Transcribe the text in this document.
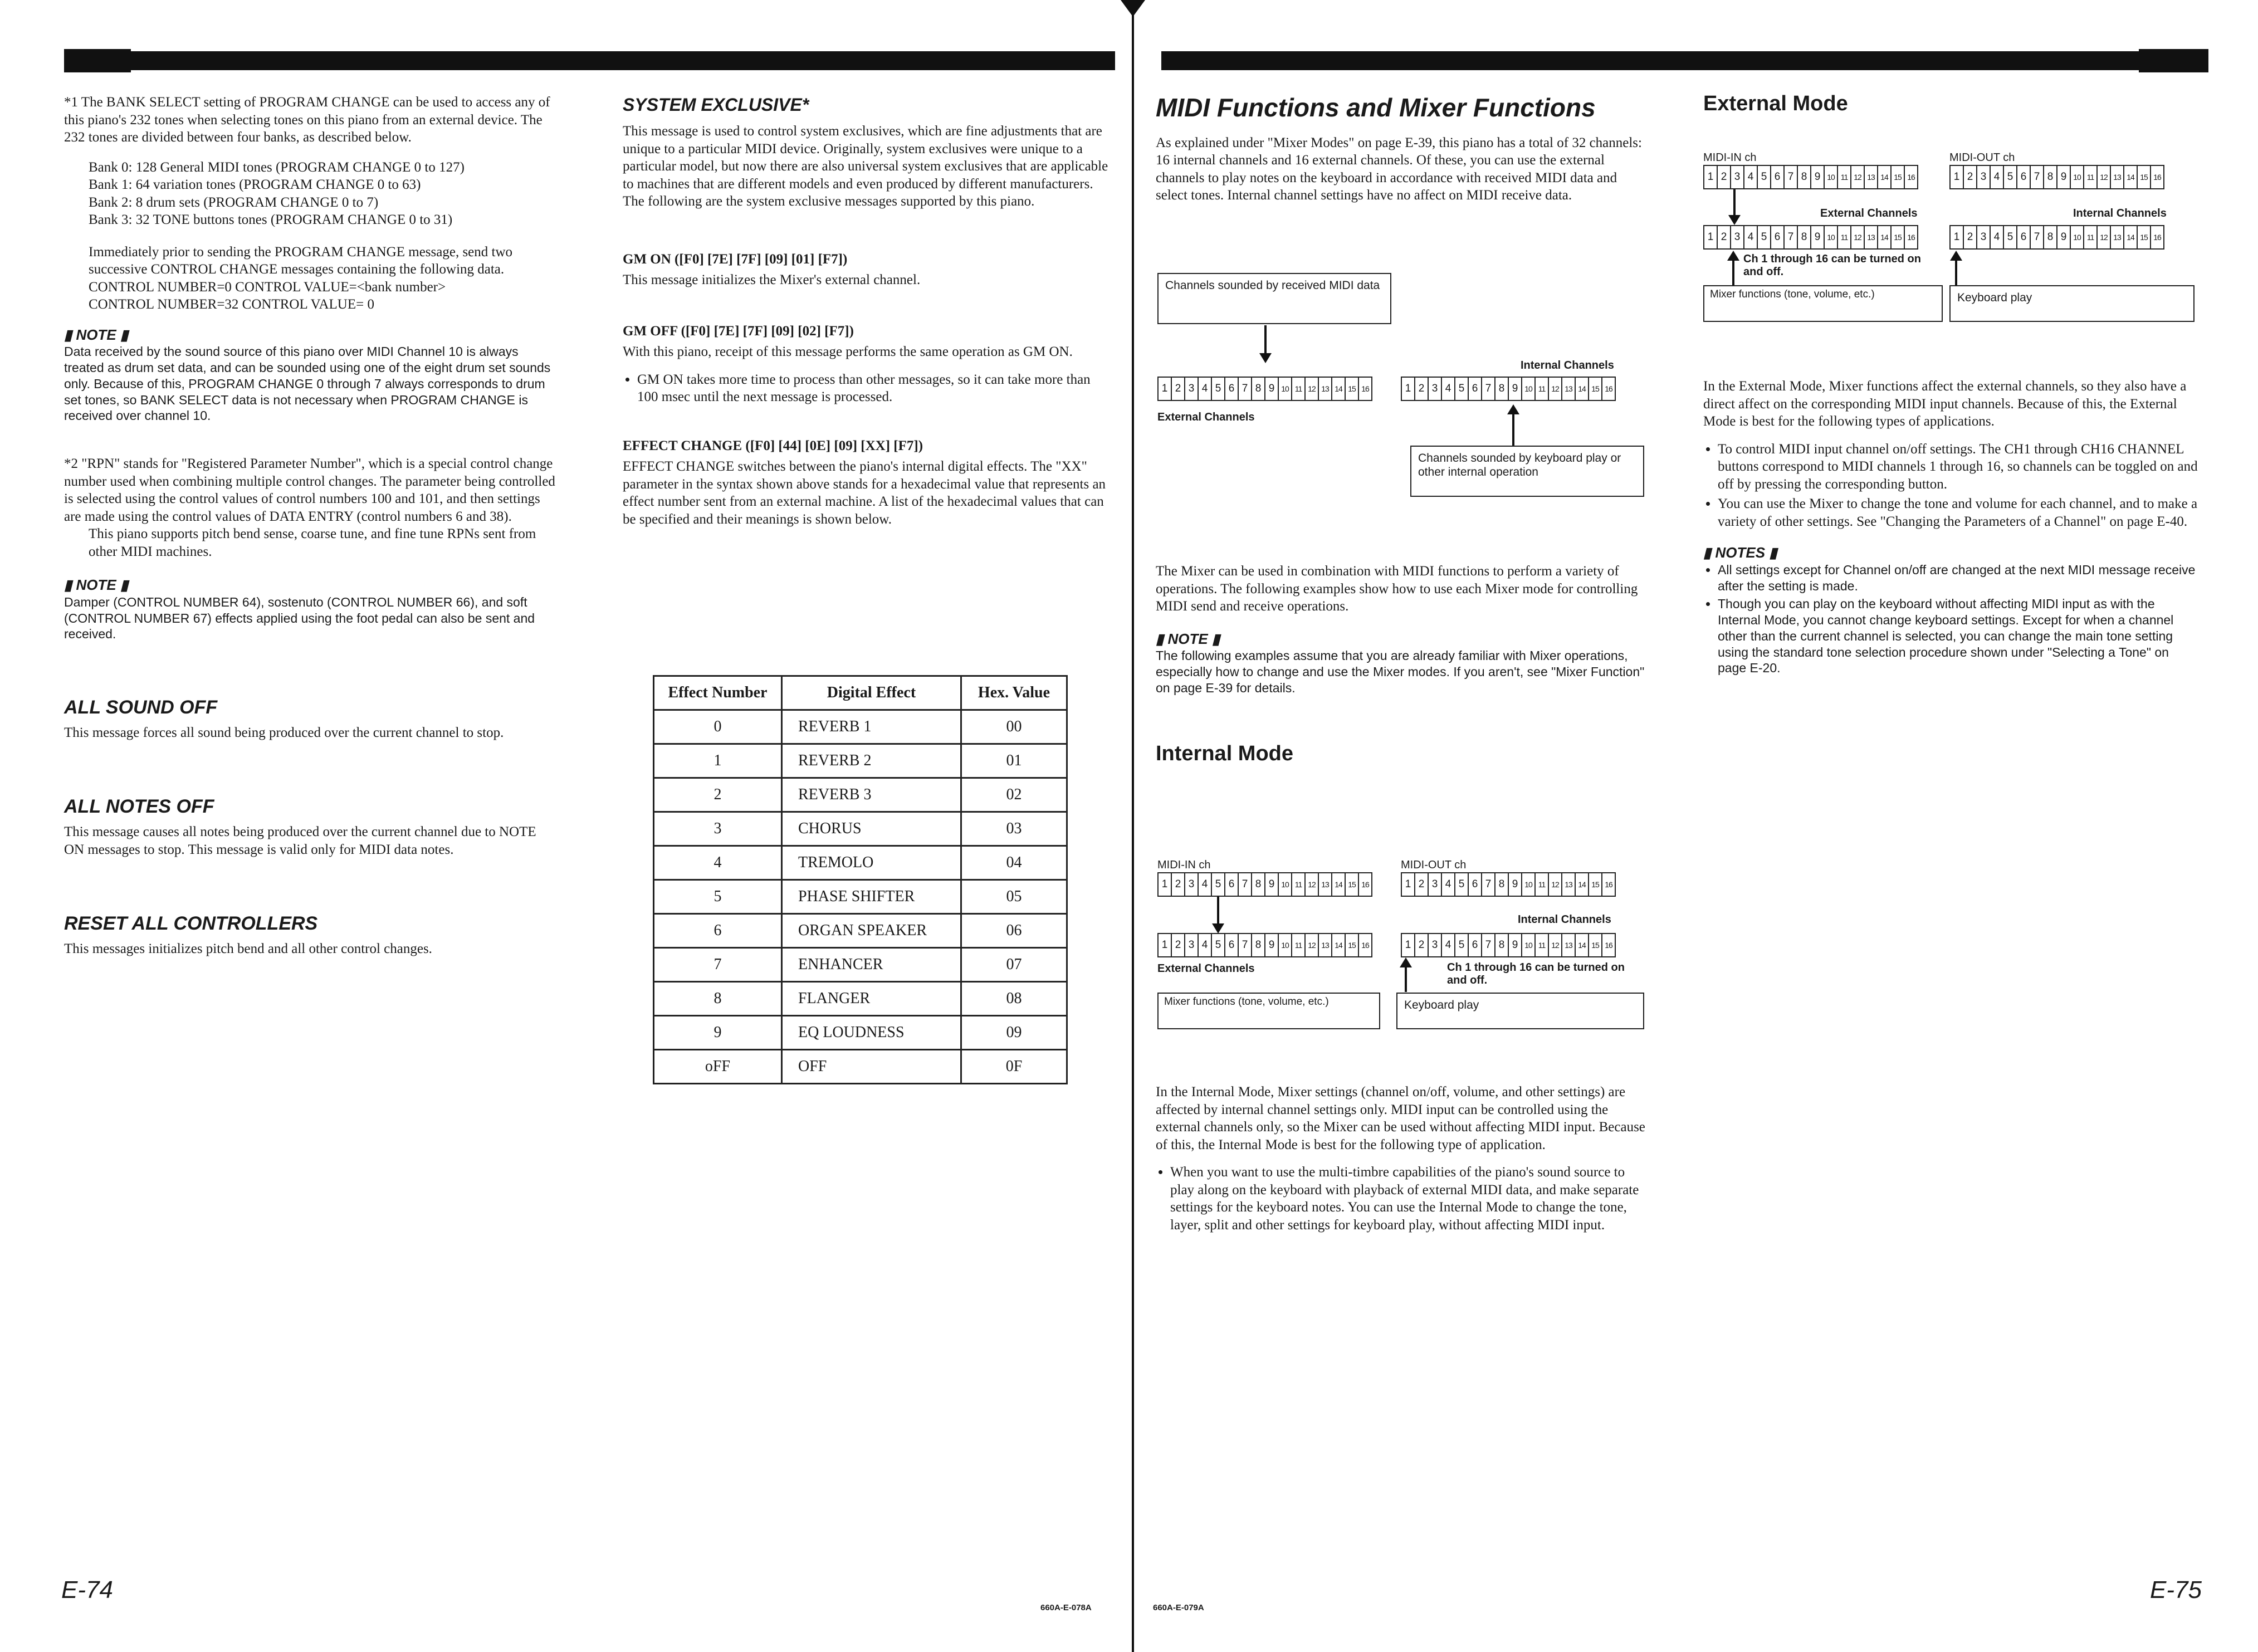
*1 The BANK SELECT setting of PROGRAM CHANGE can be used to access any of this piano's 232 tones when selecting tones on this piano from an external device. The 232 tones are divided between four banks, as described below.

Bank 0: 128 General MIDI tones (PROGRAM CHANGE 0 to 127)

Bank 1: 64 variation tones (PROGRAM CHANGE 0 to 63)

Bank 2: 8 drum sets (PROGRAM CHANGE 0 to 7)

Bank 3: 32 TONE buttons tones (PROGRAM CHANGE 0 to 31)

Immediately prior to sending the PROGRAM CHANGE message, send two successive CONTROL CHANGE messages containing the following data.

CONTROL NUMBER=0 CONTROL VALUE=<bank number>

CONTROL NUMBER=32 CONTROL VALUE= 0

▮ NOTE ▮

Data received by the sound source of this piano over MIDI Channel 10 is always treated as drum set data, and can be sounded using one of the eight drum set sounds only. Because of this, PROGRAM CHANGE 0 through 7 always corresponds to drum set tones, so BANK SELECT data is not necessary when PROGRAM CHANGE is received over channel 10.

*2 "RPN" stands for "Registered Parameter Number", which is a special control change number used when combining multiple control changes. The parameter being controlled is selected using the control values of control numbers 100 and 101, and then settings are made using the control values of DATA ENTRY (control numbers 6 and 38).

This piano supports pitch bend sense, coarse tune, and fine tune RPNs sent from other MIDI machines.

▮ NOTE ▮

Damper (CONTROL NUMBER 64), sostenuto (CONTROL NUMBER 66), and soft (CONTROL NUMBER 67) effects applied using the foot pedal can also be sent and received.

ALL SOUND OFF

This message forces all sound being produced over the current channel to stop.

ALL NOTES OFF

This message causes all notes being produced over the current channel due to NOTE ON messages to stop. This message is valid only for MIDI data notes.

RESET ALL CONTROLLERS

This messages initializes pitch bend and all other control changes.

SYSTEM EXCLUSIVE*

This message is used to control system exclusives, which are fine adjustments that are unique to a particular MIDI device. Originally, system exclusives were unique to a particular model, but now there are also universal system exclusives that are applicable to machines that are different models and even produced by different manufacturers. The following are the system exclusive messages supported by this piano.

GM ON ([F0] [7E] [7F] [09] [01] [F7])

This message initializes the Mixer's external channel.

GM OFF ([F0] [7E] [7F] [09] [02] [F7])

With this piano, receipt of this message performs the same operation as GM ON.

• GM ON takes more time to process than other messages, so it can take more than 100 msec until the next message is processed.

EFFECT CHANGE ([F0] [44] [0E] [09] [XX] [F7])

EFFECT CHANGE switches between the piano's internal digital effects. The "XX" parameter in the syntax shown above stands for a hexadecimal value that represents an effect number sent from an external machine. A list of the hexadecimal values that can be specified and their meanings is shown below.

Effect Number	Digital Effect	Hex. Value
0	REVERB 1	00
1	REVERB 2	01
2	REVERB 3	02
3	CHORUS	03
4	TREMOLO	04
5	PHASE SHIFTER	05
6	ORGAN SPEAKER	06
7	ENHANCER	07
8	FLANGER	08
9	EQ LOUDNESS	09
oFF	OFF	0F
E-74
660A-E-078A

MIDI Functions and Mixer Functions

As explained under "Mixer Modes" on page E-39, this piano has a total of 32 channels: 16 internal channels and 16 external channels. Of these, you can use the external channels to play notes on the keyboard in accordance with received MIDI data and select tones. Internal channel settings have no affect on MIDI receive data.

Channels sounded by received MIDI data
Internal Channels
1 2 3 4 5 6 7 8 9 10 11 12 13 14 15 16	1 2 3 4 5 6 7 8 9 10 11 12 13 14 15 16
External Channels
Channels sounded by keyboard play or other internal operation

The Mixer can be used in combination with MIDI functions to perform a variety of operations. The following examples show how to use each Mixer mode for controlling MIDI send and receive operations.

▮ NOTE ▮

The following examples assume that you are already familiar with Mixer operations, especially how to change and use the Mixer modes. If you aren't, see "Mixer Function" on page E-39 for details.

Internal Mode

MIDI-IN ch	MIDI-OUT ch
1 2 3 4 5 6 7 8 9 10 11 12 13 14 15 16	1 2 3 4 5 6 7 8 9 10 11 12 13 14 15 16
Internal Channels
1 2 3 4 5 6 7 8 9 10 11 12 13 14 15 16	1 2 3 4 5 6 7 8 9 10 11 12 13 14 15 16
External Channels	Ch 1 through 16 can be turned on and off.
Mixer functions (tone, volume, etc.)	Keyboard play

In the Internal Mode, Mixer settings (channel on/off, volume, and other settings) are affected by internal channel settings only. MIDI input can be controlled using the external channels only, so the Mixer can be used without affecting MIDI input. Because of this, the Internal Mode is best for the following type of application.

• When you want to use the multi-timbre capabilities of the piano's sound source to play along on the keyboard with playback of external MIDI data, and make separate settings for the keyboard notes. You can use the Internal Mode to change the tone, layer, split and other settings for keyboard play, without affecting MIDI input.
External Mode
MIDI-IN ch	MIDI-OUT ch
1 2 3 4 5 6 7 8 9 10 11 12 13 14 15 16	1 2 3 4 5 6 7 8 9 10 11 12 13 14 15 16
External Channels	Internal Channels
1 2 3 4 5 6 7 8 9 10 11 12 13 14 15 16	1 2 3 4 5 6 7 8 9 10 11 12 13 14 15 16
Ch 1 through 16 can be turned on and off.
Mixer functions (tone, volume, etc.)	Keyboard play

In the External Mode, Mixer functions affect the external channels, so they also have a direct affect on the corresponding MIDI input channels. Because of this, the External Mode is best for the following types of applications.

• To control MIDI input channel on/off settings. The CH1 through CH16 CHANNEL buttons correspond to MIDI channels 1 through 16, so channels can be toggled on and off by pressing the corresponding button.
• You can use the Mixer to change the tone and volume for each channel, and to make a variety of other settings. See "Changing the Parameters of a Channel" on page E-40.

▮ NOTES ▮

• All settings except for Channel on/off are changed at the next MIDI message receive after the setting is made.
• Though you can play on the keyboard without affecting MIDI input as with the Internal Mode, you cannot change keyboard settings. Except for when a channel other than the current channel is selected, you can change the main tone setting using the standard tone selection procedure shown under "Selecting a Tone" on page E-20.
660A-E-079A
E-75
